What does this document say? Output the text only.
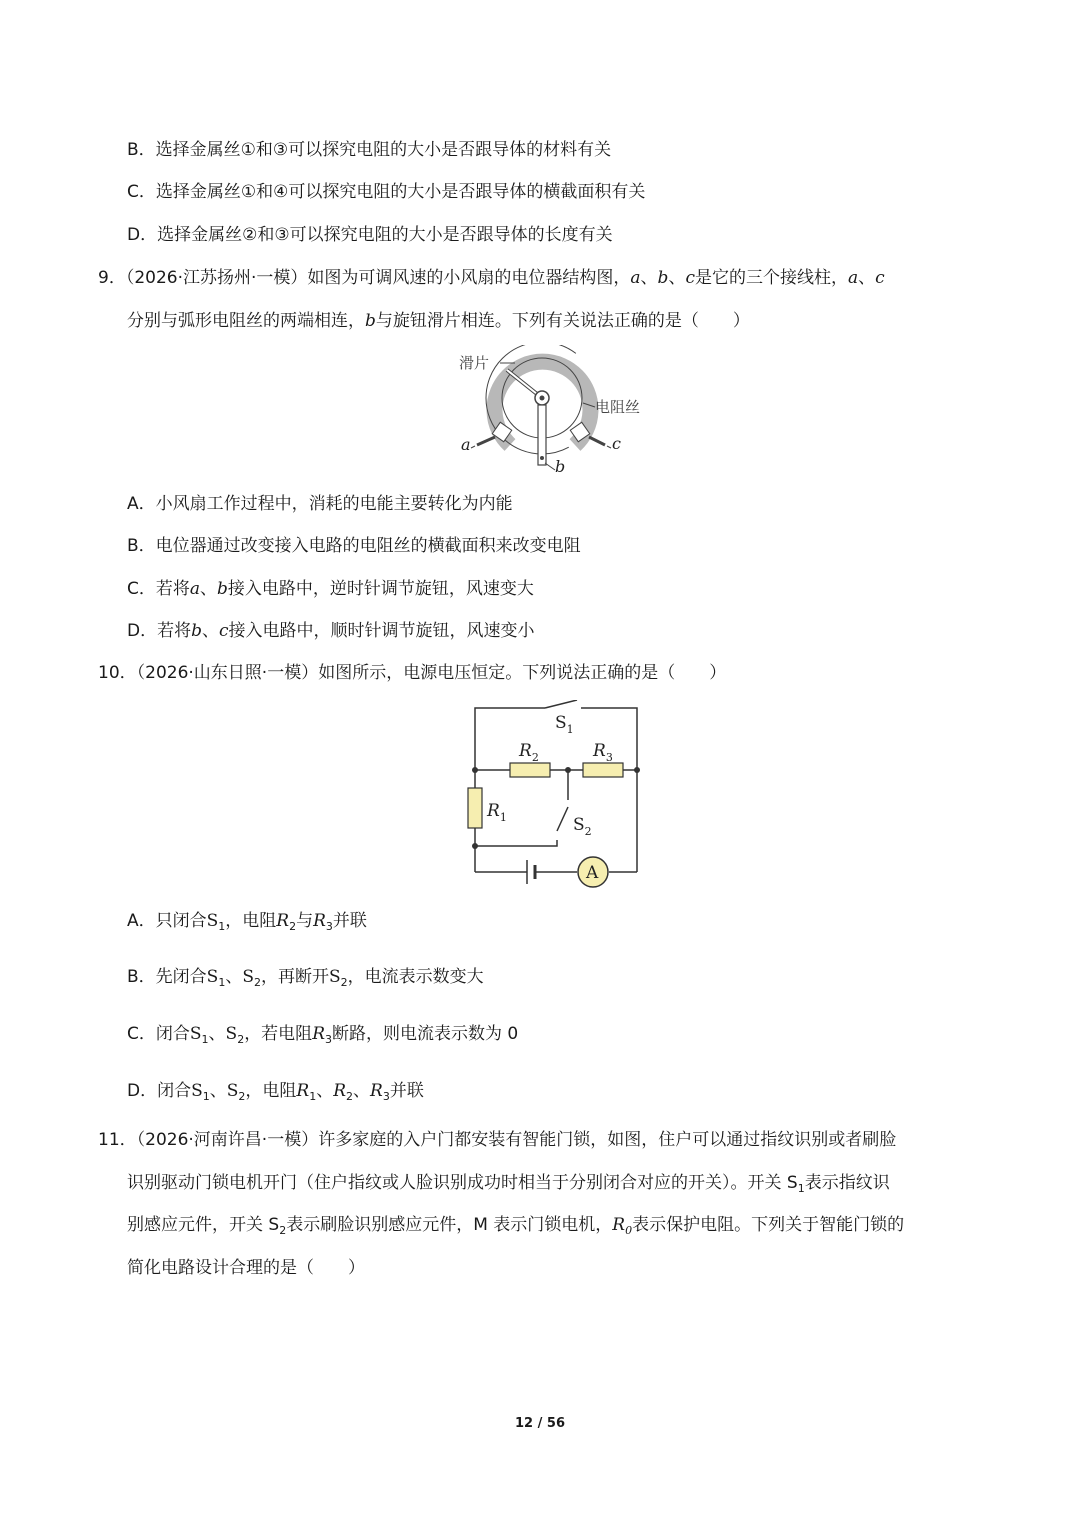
B．选择金属丝①和③可以探究电阻的大小是否跟导体的材料有关
C．选择金属丝①和④可以探究电阻的大小是否跟导体的横截面积有关
D．选择金属丝②和③可以探究电阻的大小是否跟导体的长度有关
9．（2026·江苏扬州·一模）如图为可调风速的小风扇的电位器结构图，a、b、c是它的三个接线柱，a、c
分别与弧形电阻丝的两端相连，b与旋钮滑片相连。下列有关说法正确的是（　　）
滑片
电阻丝
a
b
c
A．小风扇工作过程中，消耗的电能主要转化为内能
B．电位器通过改变接入电路的电阻丝的横截面积来改变电阻
C．若将a、b接入电路中，逆时针调节旋钮，风速变大
D．若将b、c接入电路中，顺时针调节旋钮，风速变小
10．（2026·山东日照·一模）如图所示，电源电压恒定。下列说法正确的是（　　）
A
$S_1$
$R_2$	$R_3$
$R_1$	$S_2$
A．只闭合$S_1$，电阻$R_2$与$R_3$并联
B．先闭合$S_1$、$S_2$，再断开$S_2$，电流表示数变大
C．闭合$S_1$、$S_2$，若电阻$R_3$断路，则电流表示数为 0
D．闭合$S_1$、$S_2$，电阻$R_1$、$R_2$、$R_3$并联
11．（2026·河南许昌·一模）许多家庭的入户门都安装有智能门锁，如图，住户可以通过指纹识别或者刷脸
识别驱动门锁电机开门（住户指纹或人脸识别成功时相当于分别闭合对应的开关）。开关 $S_1$表示指纹识
别感应元件，开关 $S_2$表示刷脸识别感应元件，M 表示门锁电机，$R_0$表示保护电阻。下列关于智能门锁的
简化电路设计合理的是（　　）
12 / 56
